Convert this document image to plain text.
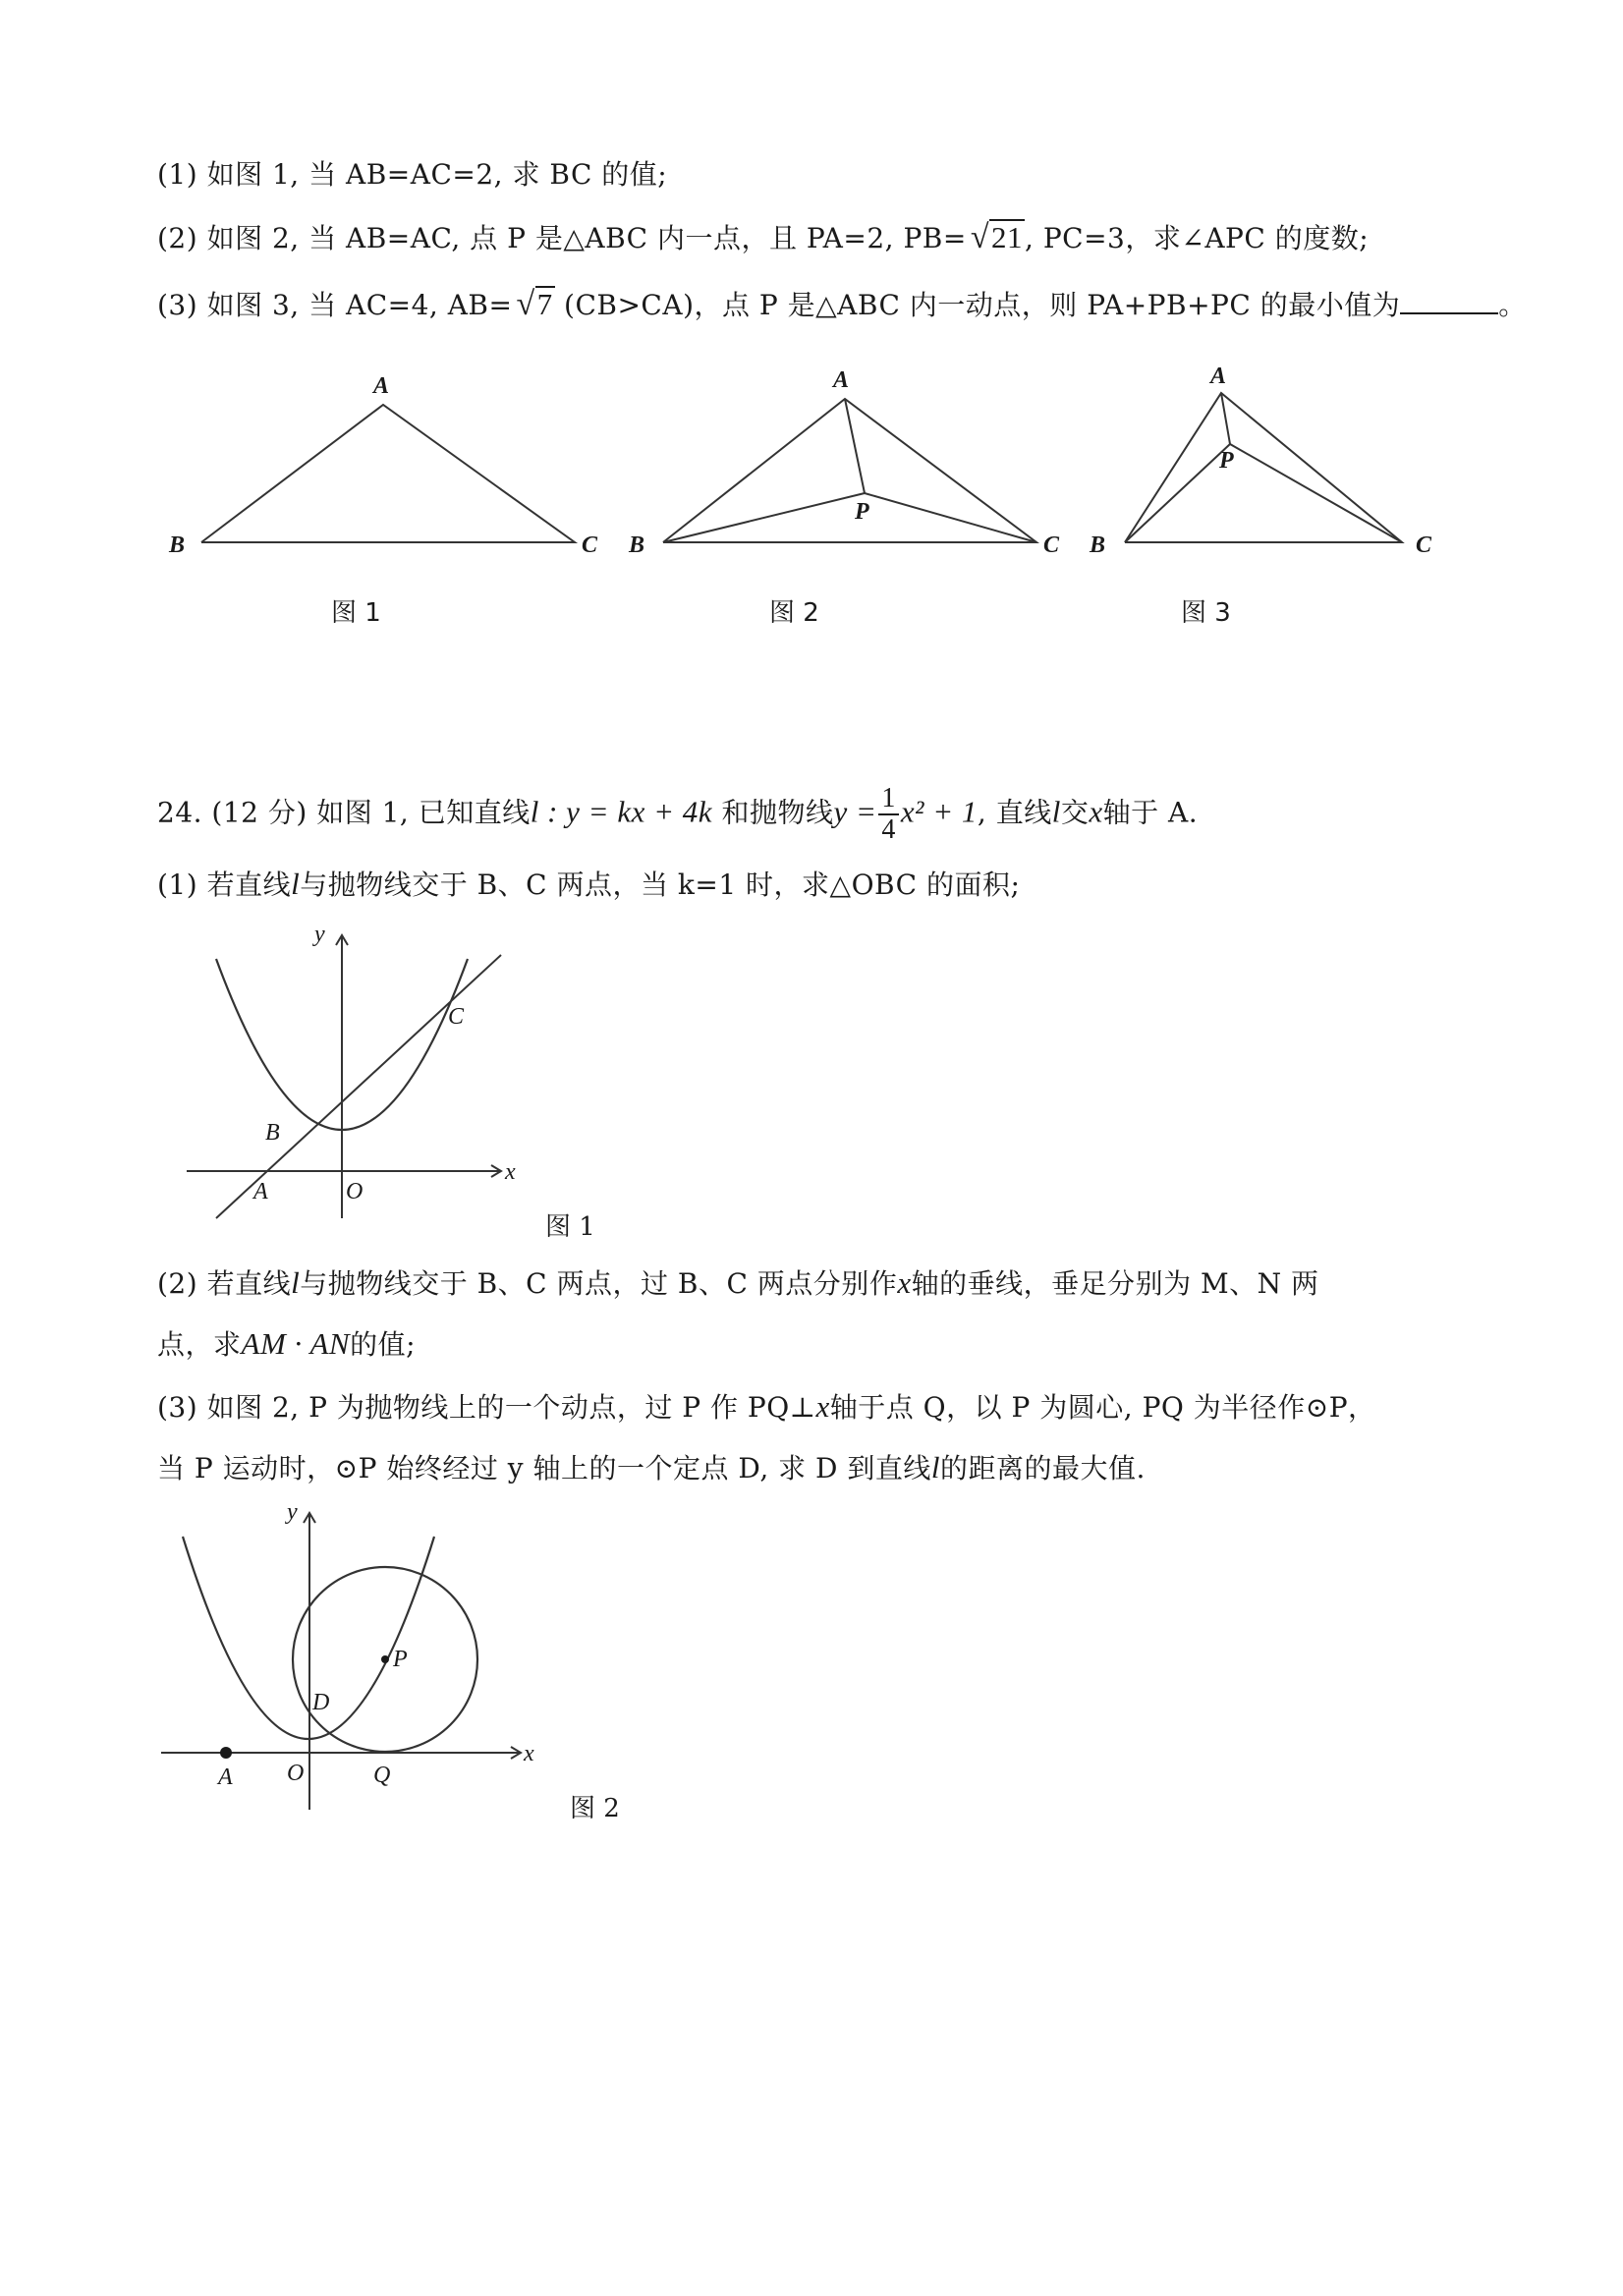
(1) 如图 1, 当 AB=AC=2, 求 BC 的值;
(2) 如图 2, 当 AB=AC, 点 P 是△ABC 内一点，且 PA=2, PB= √21, PC=3，求∠APC 的度数;
(3) 如图 3, 当 AC=4, AB= √7 (CB>CA)，点 P 是△ABC 内一动点，则 PA+PB+PC 的最小值为	。
A
B	C
图 1
A
B	C
P
图 2
A
B	C
P
图 3
24. (12 分) 如图 1, 已知直线l : y = kx + 4k 和抛物线$y = \frac{1}{4} x^2 + 1$, 直线l交x轴于 A.
(1) 若直线l与抛物线交于 B、C 两点，当 k=1 时，求△OBC 的面积;
y
x
O
A
B
C
图 1
(2) 若直线l与抛物线交于 B、C 两点，过 B、C 两点分别作x轴的垂线，垂足分别为 M、N 两
点，求AM · AN的值;
(3) 如图 2, P 为抛物线上的一个动点，过 P 作 PQ⊥x轴于点 Q，以 P 为圆心, PQ 为半径作⊙P，
当 P 运动时，⊙P 始终经过 y 轴上的一个定点 D, 求 D 到直线l的距离的最大值.
y
x
O
A
D
P
Q
图 2
